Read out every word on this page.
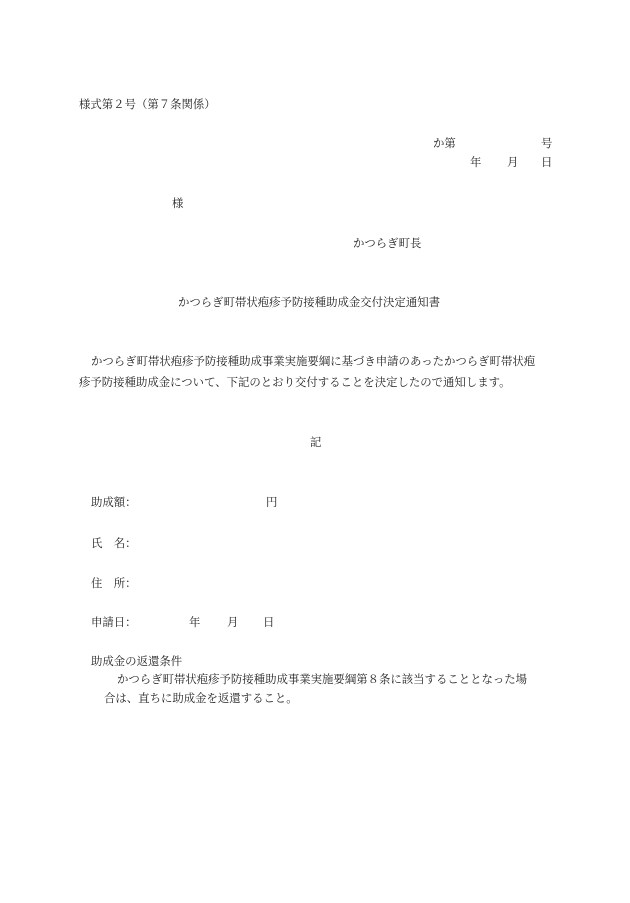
様式第２号（第７条関係）
か第	号
年 月 日
様
かつらぎ町長
かつらぎ町帯状疱疹予防接種助成金交付決定通知書
かつらぎ町帯状疱疹予防接種助成事業実施要綱に基づき申請のあったかつらぎ町帯状疱
疹予防接種助成金について、下記のとおり交付することを決定したので通知します。
記
助成額：	円
氏　名：
住　所：
申請日：	年 月 日
助成金の返還条件
かつらぎ町帯状疱疹予防接種助成事業実施要綱第８条に該当することとなった場
合は、直ちに助成金を返還すること。
